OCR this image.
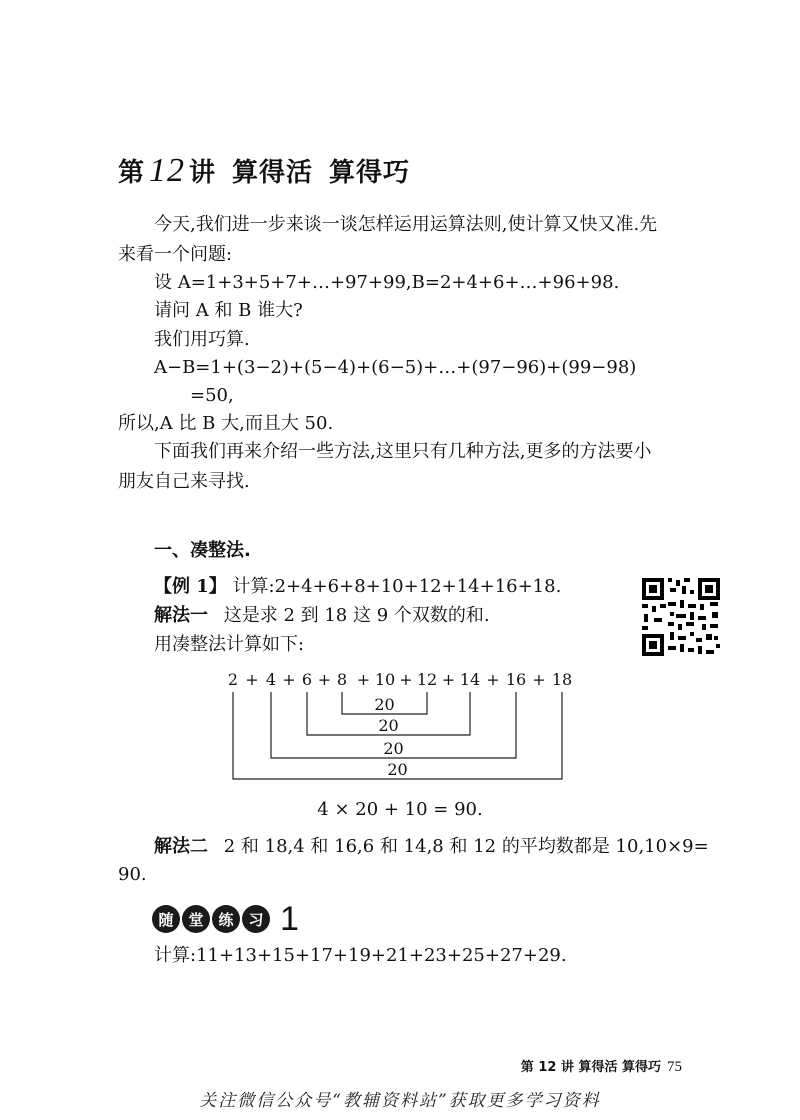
第 12 讲 算得活 算得巧
今天,我们进一步来谈一谈怎样运用运算法则,使计算又快又准.先
来看一个问题:
设 A=1+3+5+7+…+97+99,B=2+4+6+…+96+98.
请问 A 和 B 谁大?
我们用巧算.
A−B=1+(3−2)+(5−4)+(6−5)+…+(97−96)+(99−98)
=50,
所以,A 比 B 大,而且大 50.
下面我们再来介绍一些方法,这里只有几种方法,更多的方法要小
朋友自己来寻找.
一、凑整法.
【例 1】 计算:2+4+6+8+10+12+14+16+18.
解法一 这是求 2 到 18 这 9 个双数的和.
用凑整法计算如下:
2 + 4 + 6 + 8 + 10 + 12 + 14 + 16 + 18
20
20
20
20
4 × 20 + 10 = 90.
解法二 2 和 18,4 和 16,6 和 14,8 和 12 的平均数都是 10,10×9=
90.
随 堂 练 习 1
计算:11+13+15+17+19+21+23+25+27+29.
第 12 讲 算得活 算得巧 75
关注微信公众号“教辅资料站”获取更多学习资料
